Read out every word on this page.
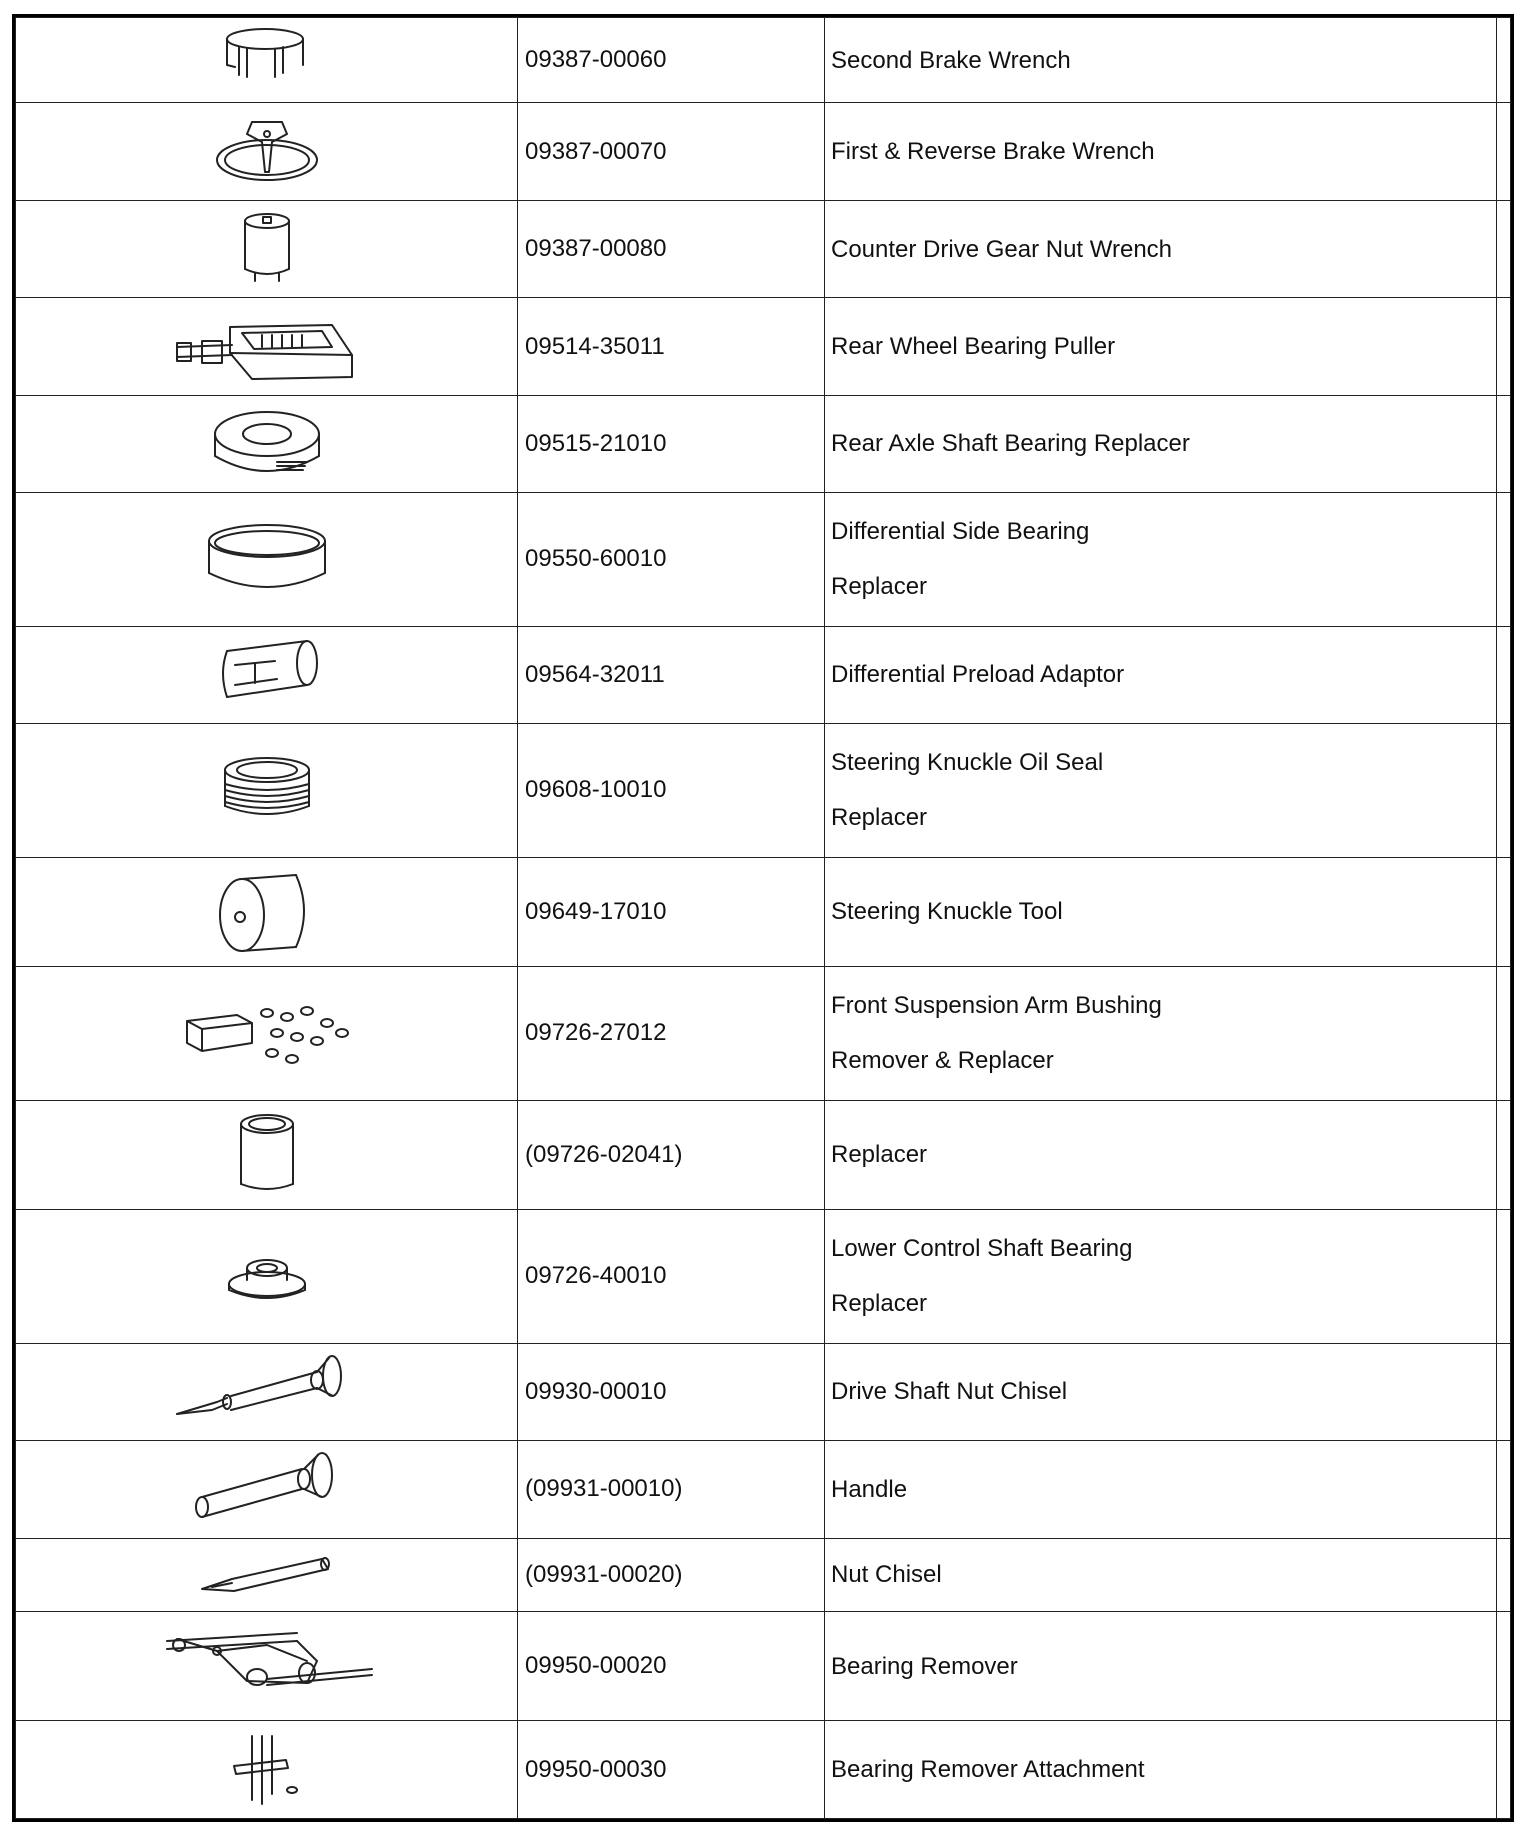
	09387-00060	Second Brake Wrench	

	09387-00070	First & Reverse Brake Wrench	

	09387-00080	Counter Drive Gear Nut Wrench	

	09514-35011	Rear Wheel Bearing Puller	

	09515-21010	Rear Axle Shaft Bearing Replacer	

	09550-60010	Differential Side Bearing
Replacer	

	09564-32011	Differential Preload Adaptor	

	09608-10010	Steering Knuckle Oil Seal
Replacer	

	09649-17010	Steering Knuckle Tool	

	09726-27012	Front Suspension Arm Bushing
Remover & Replacer	

	(09726-02041)	Replacer	

	09726-40010	Lower Control Shaft Bearing
Replacer	

	09930-00010	Drive Shaft Nut Chisel	

	(09931-00010)	Handle	

	(09931-00020)	Nut Chisel	

	09950-00020	Bearing Remover	

	09950-00030	Bearing Remover Attachment	
